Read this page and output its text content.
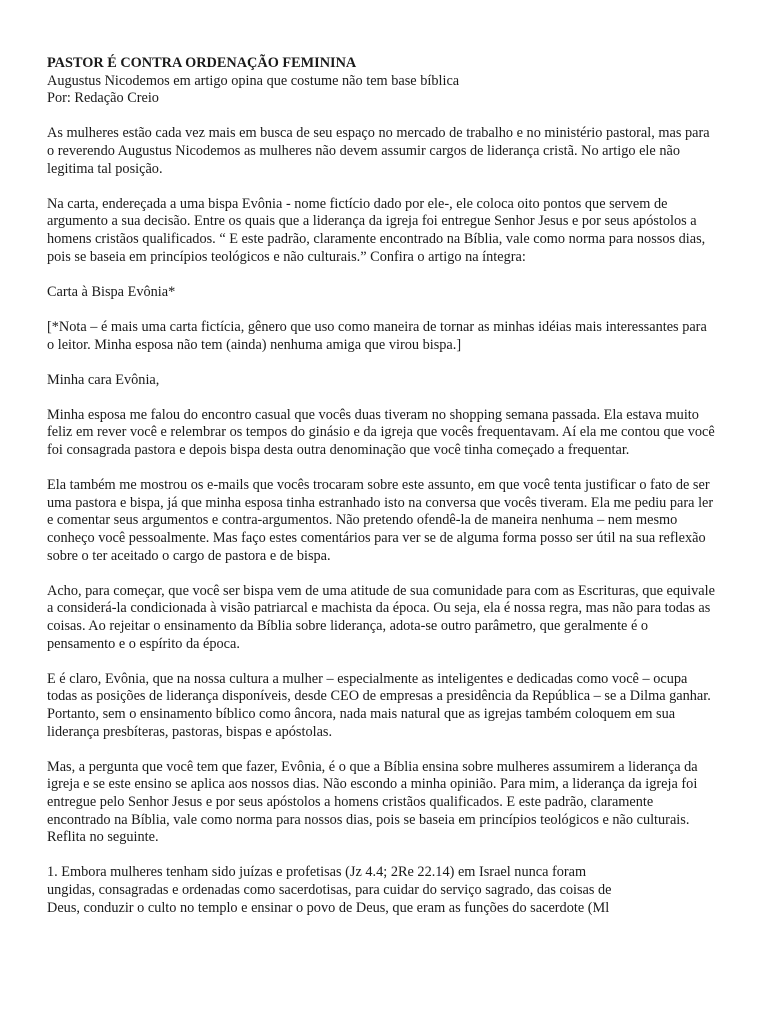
PASTOR É CONTRA ORDENAÇÃO FEMININA

Augustus Nicodemos em artigo opina que costume não tem base bíblica

Por: Redação Creio

As mulheres estão cada vez mais em busca de seu espaço no mercado de trabalho e no ministério pastoral, mas para o reverendo Augustus Nicodemos as mulheres não devem assumir cargos de liderança cristã. No artigo ele não legitima tal posição.

Na carta, endereçada a uma bispa Evônia - nome fictício dado por ele-, ele coloca oito pontos que servem de argumento a sua decisão. Entre os quais que a liderança da igreja foi entregue Senhor Jesus e por seus apóstolos a homens cristãos qualificados. “ E este padrão, claramente encontrado na Bíblia, vale como norma para nossos dias, pois se baseia em princípios teológicos e não culturais.” Confira o artigo na íntegra:

Carta à Bispa Evônia*

[*Nota – é mais uma carta fictícia, gênero que uso como maneira de tornar as minhas idéias mais interessantes para o leitor. Minha esposa não tem (ainda) nenhuma amiga que virou bispa.]

Minha cara Evônia,

Minha esposa me falou do encontro casual que vocês duas tiveram no shopping semana passada. Ela estava muito feliz em rever você e relembrar os tempos do ginásio e da igreja que vocês frequentavam. Aí ela me contou que você foi consagrada pastora e depois bispa desta outra denominação que você tinha começado a frequentar.

Ela também me mostrou os e-mails que vocês trocaram sobre este assunto, em que você tenta justificar o fato de ser uma pastora e bispa, já que minha esposa tinha estranhado isto na conversa que vocês tiveram. Ela me pediu para ler e comentar seus argumentos e contra-argumentos. Não pretendo ofendê-la de maneira nenhuma – nem mesmo conheço você pessoalmente. Mas faço estes comentários para ver se de alguma forma posso ser útil na sua reflexão sobre o ter aceitado o cargo de pastora e de bispa.

Acho, para começar, que você ser bispa vem de uma atitude de sua comunidade para com as Escrituras, que equivale a considerá-la condicionada à visão patriarcal e machista da época. Ou seja, ela é nossa regra, mas não para todas as coisas. Ao rejeitar o ensinamento da Bíblia sobre liderança, adota-se outro parâmetro, que geralmente é o pensamento e o espírito da época.

E é claro, Evônia, que na nossa cultura a mulher – especialmente as inteligentes e dedicadas como você – ocupa todas as posições de liderança disponíveis, desde CEO de empresas a presidência da República – se a Dilma ganhar. Portanto, sem o ensinamento bíblico como âncora, nada mais natural que as igrejas também coloquem em sua liderança presbíteras, pastoras, bispas e apóstolas.

Mas, a pergunta que você tem que fazer, Evônia, é o que a Bíblia ensina sobre mulheres assumirem a liderança da igreja e se este ensino se aplica aos nossos dias. Não escondo a minha opinião. Para mim, a liderança da igreja foi entregue pelo Senhor Jesus e por seus apóstolos a homens cristãos qualificados. E este padrão, claramente encontrado na Bíblia, vale como norma para nossos dias, pois se baseia em princípios teológicos e não culturais. Reflita no seguinte.

1. Embora mulheres tenham sido juízas e profetisas (Jz 4.4; 2Re 22.14) em Israel nunca foram

ungidas, consagradas e ordenadas como sacerdotisas, para cuidar do serviço sagrado, das coisas de

Deus, conduzir o culto no templo e ensinar o povo de Deus, que eram as funções do sacerdote (Ml
